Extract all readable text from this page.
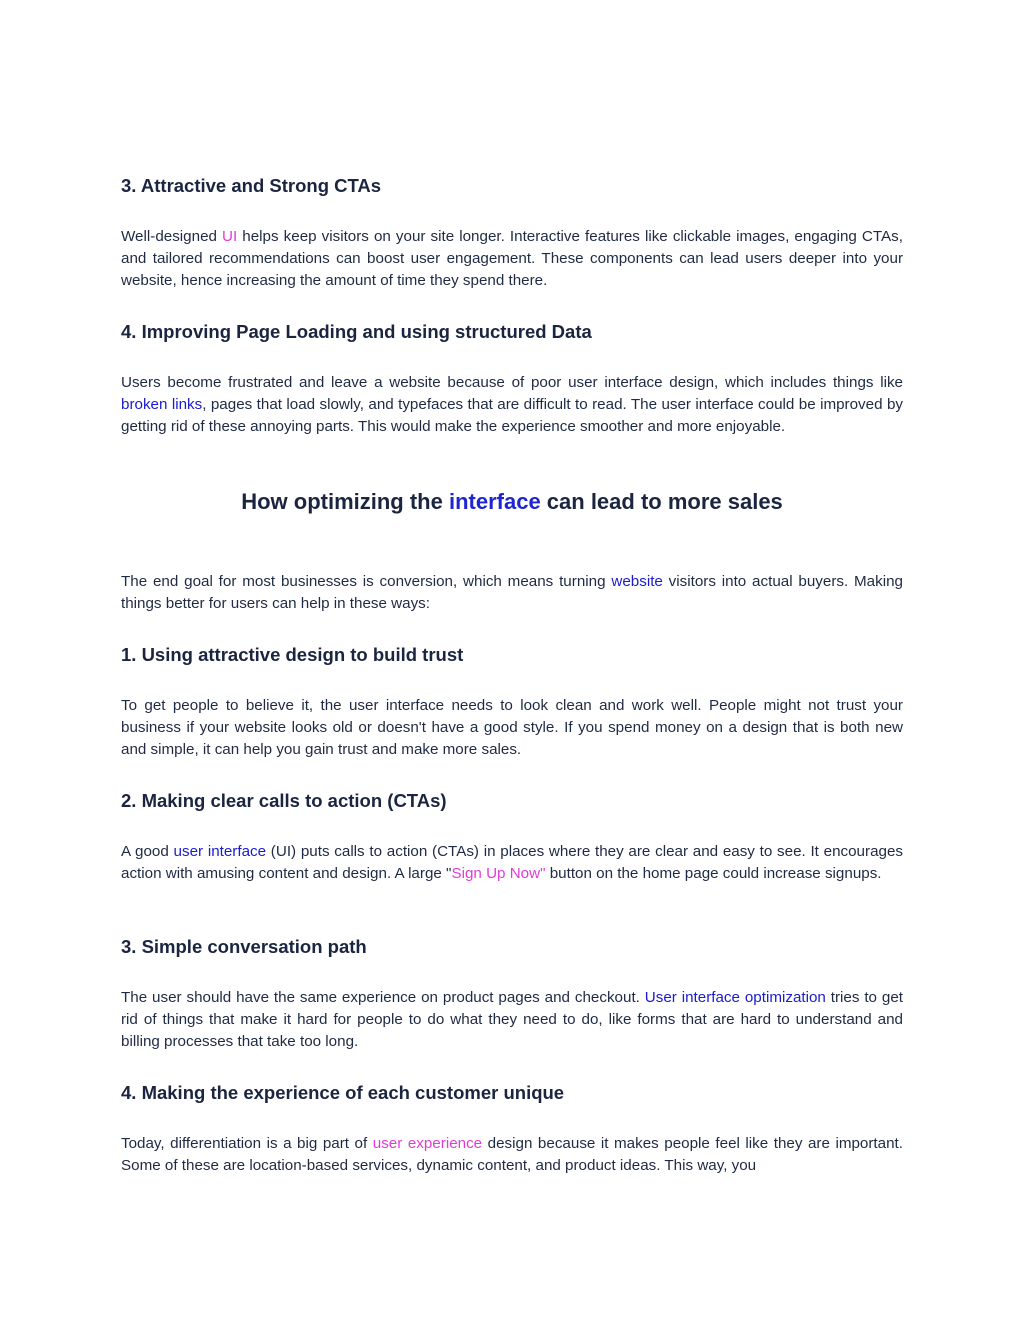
3. Attractive and Strong CTAs

Well-designed UI helps keep visitors on your site longer. Interactive features like clickable images, engaging CTAs, and tailored recommendations can boost user engagement. These components can lead users deeper into your website, hence increasing the amount of time they spend there.

4. Improving Page Loading and using structured Data

Users become frustrated and leave a website because of poor user interface design, which includes things like broken links, pages that load slowly, and typefaces that are difficult to read. The user interface could be improved by getting rid of these annoying parts. This would make the experience smoother and more enjoyable.

How optimizing the interface can lead to more sales

The end goal for most businesses is conversion, which means turning website visitors into actual buyers. Making things better for users can help in these ways:

1. Using attractive design to build trust

To get people to believe it, the user interface needs to look clean and work well. People might not trust your business if your website looks old or doesn't have a good style. If you spend money on a design that is both new and simple, it can help you gain trust and make more sales.

2. Making clear calls to action (CTAs)

A good user interface (UI) puts calls to action (CTAs) in places where they are clear and easy to see. It encourages action with amusing content and design. A large "Sign Up Now" button on the home page could increase signups.

3. Simple conversation path

The user should have the same experience on product pages and checkout. User interface optimization tries to get rid of things that make it hard for people to do what they need to do, like forms that are hard to understand and billing processes that take too long.

4. Making the experience of each customer unique

Today, differentiation is a big part of user experience design because it makes people feel like they are important. Some of these are location-based services, dynamic content, and product ideas. This way, you
